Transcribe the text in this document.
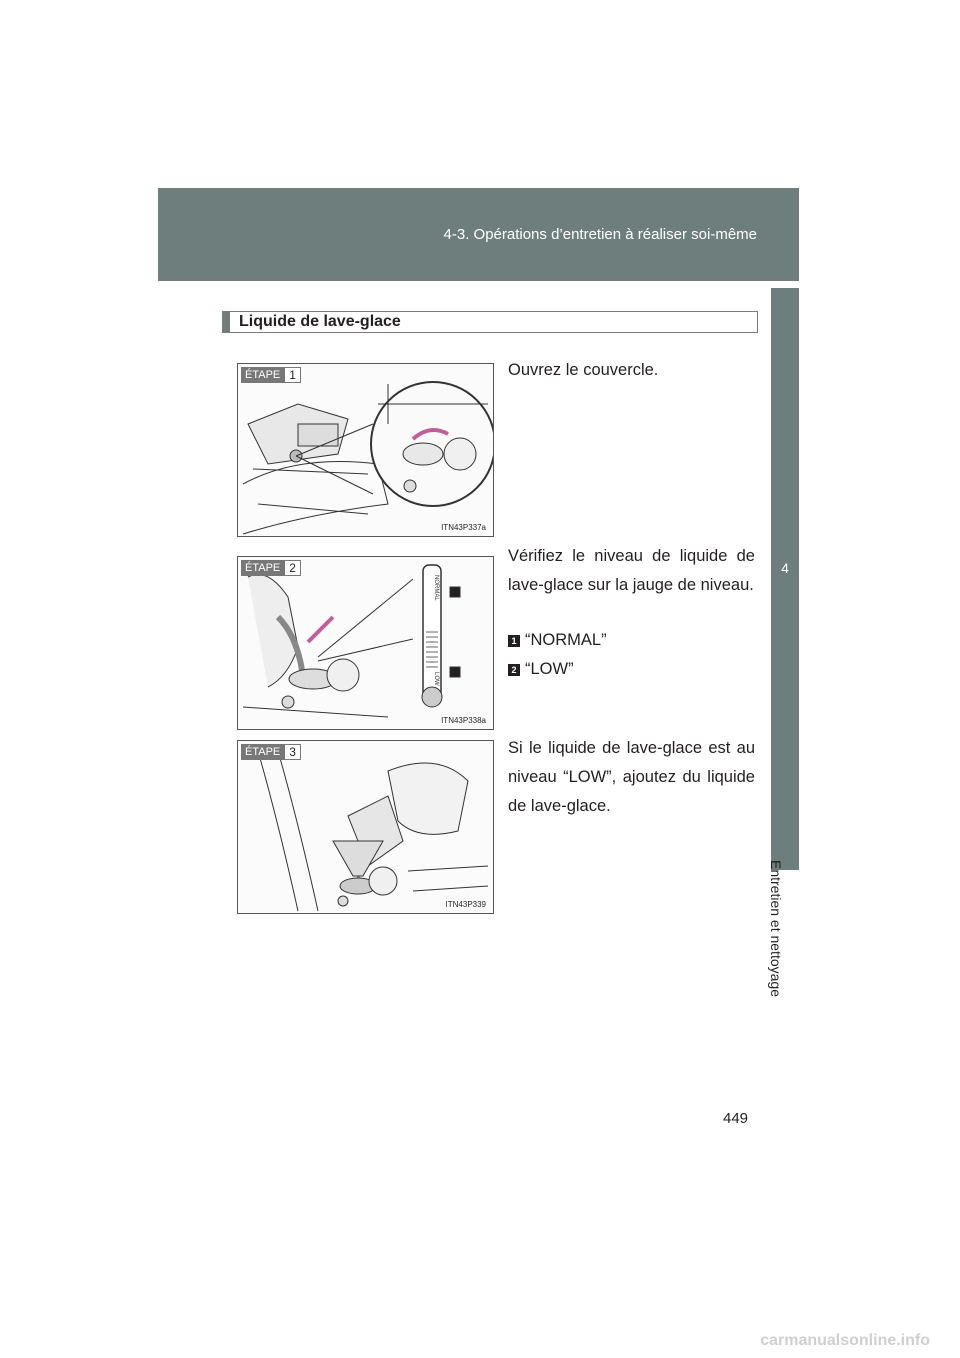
4-3. Opérations d’entretien à réaliser soi-même
4
Entretien et nettoyage
Liquide de lave-glace
ÉTAPE 1
ITN43P337a
Ouvrez le couvercle.
NORMAL
LOW
ÉTAPE 2
ITN43P338a
Vérifiez le niveau de liquide de lave-glace sur la jauge de niveau.
1 “NORMAL”
2 “LOW”
ÉTAPE 3
ITN43P339
Si le liquide de lave-glace est au niveau “LOW”, ajoutez du liquide de lave-glace.
449
carmanualsonline.info
